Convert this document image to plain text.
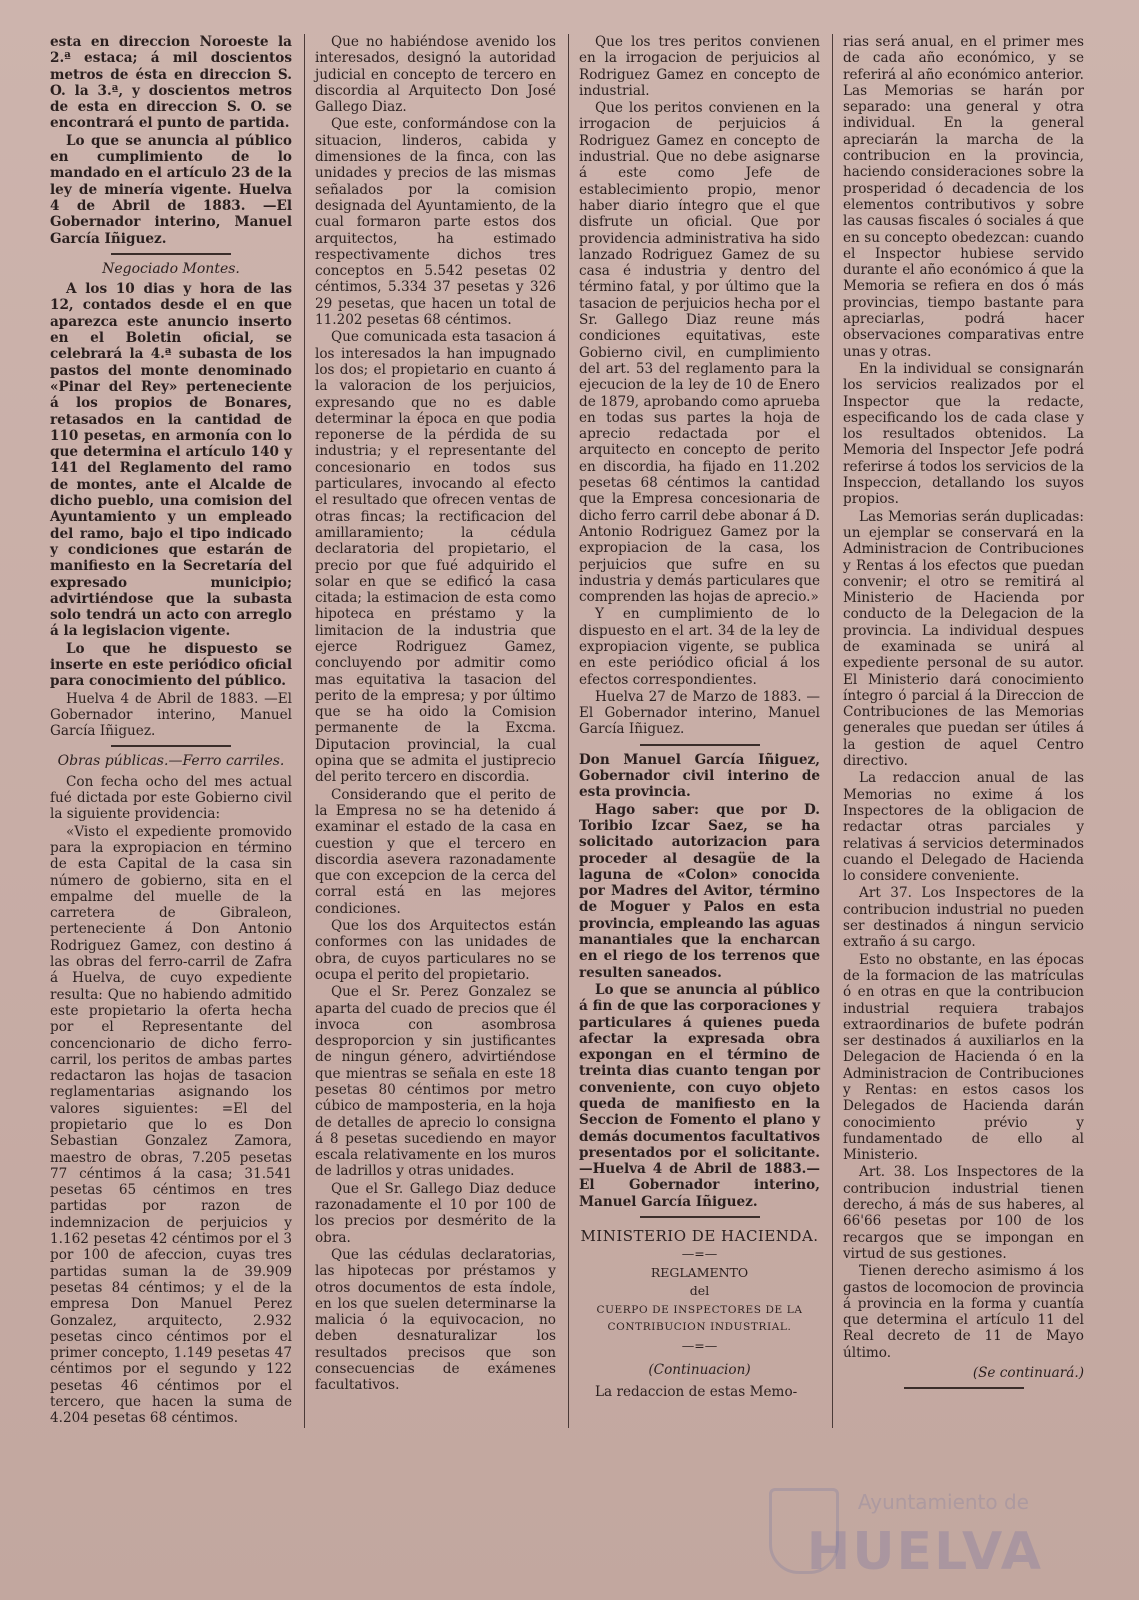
esta en direccion Noroeste la 2.ª estaca; á mil doscientos metros de ésta en direccion S. O. la 3.ª, y doscientos metros de esta en direccion S. O. se encontrará el punto de partida.

Lo que se anuncia al público en cumplimiento de lo mandado en el artículo 23 de la ley de minería vigente. Huelva 4 de Abril de 1883. —El Gobernador interino, Manuel García Iñiguez.

Negociado Montes.

A los 10 dias y hora de las 12, contados desde el en que aparezca este anuncio inserto en el Boletin oficial, se celebrará la 4.ª subasta de los pastos del monte denominado «Pinar del Rey» perteneciente á los propios de Bonares, retasados en la cantidad de 110 pesetas, en armonía con lo que determina el artículo 140 y 141 del Reglamento del ramo de montes, ante el Alcalde de dicho pueblo, una comision del Ayuntamiento y un empleado del ramo, bajo el tipo indicado y condiciones que estarán de manifiesto en la Secretaría del expresado municipio; advirtiéndose que la subasta solo tendrá un acto con arreglo á la legislacion vigente.

Lo que he dispuesto se inserte en este periódico oficial para conocimiento del público.

Huelva 4 de Abril de 1883. —El Gobernador interino, Manuel García Iñiguez.

Obras públicas.—Ferro carriles.

Con fecha ocho del mes actual fué dictada por este Gobierno civil la siguiente providencia:

«Visto el expediente promovido para la expropiacion en término de esta Capital de la casa sin número de gobierno, sita en el empalme del muelle de la carretera de Gibraleon, perteneciente á Don Antonio Rodriguez Gamez, con destino á las obras del ferro-carril de Zafra á Huelva, de cuyo expediente resulta: Que no habiendo admitido este propietario la oferta hecha por el Representante del concencionario de dicho ferro-carril, los peritos de ambas partes redactaron las hojas de tasacion reglamentarias asignando los valores siguientes: =El del propietario que lo es Don Sebastian Gonzalez Zamora, maestro de obras, 7.205 pesetas 77 céntimos á la casa; 31.541 pesetas 65 céntimos en tres partidas por razon de indemnizacion de perjuicios y 1.162 pesetas 42 céntimos por el 3 por 100 de afeccion, cuyas tres partidas suman la de 39.909 pesetas 84 céntimos; y el de la empresa Don Manuel Perez Gonzalez, arquitecto, 2.932 pesetas cinco céntimos por el primer concepto, 1.149 pesetas 47 céntimos por el segundo y 122 pesetas 46 céntimos por el tercero, que hacen la suma de 4.204 pesetas 68 céntimos.

Que no habiéndose avenido los interesados, designó la autoridad judicial en concepto de tercero en discordia al Arquitecto Don José Gallego Diaz.

Que este, conformándose con la situacion, linderos, cabida y dimensiones de la finca, con las unidades y precios de las mismas señalados por la comision designada del Ayuntamiento, de la cual formaron parte estos dos arquitectos, ha estimado respectivamente dichos tres conceptos en 5.542 pesetas 02 céntimos, 5.334 37 pesetas y 326 29 pesetas, que hacen un total de 11.202 pesetas 68 céntimos.

Que comunicada esta tasacion á los interesados la han impugnado los dos; el propietario en cuanto á la valoracion de los perjuicios, expresando que no es dable determinar la época en que podia reponerse de la pérdida de su industria; y el representante del concesionario en todos sus particulares, invocando al efecto el resultado que ofrecen ventas de otras fincas; la rectificacion del amillaramiento; la cédula declaratoria del propietario, el precio por que fué adquirido el solar en que se edificó la casa citada; la estimacion de esta como hipoteca en préstamo y la limitacion de la industria que ejerce Rodriguez Gamez, concluyendo por admitir como mas equitativa la tasacion del perito de la empresa; y por último que se ha oido la Comision permanente de la Excma. Diputacion provincial, la cual opina que se admita el justiprecio del perito tercero en discordia.

Considerando que el perito de la Empresa no se ha detenido á examinar el estado de la casa en cuestion y que el tercero en discordia asevera razonadamente que con excepcion de la cerca del corral está en las mejores condiciones.

Que los dos Arquitectos están conformes con las unidades de obra, de cuyos particulares no se ocupa el perito del propietario.

Que el Sr. Perez Gonzalez se aparta del cuado de precios que él invoca con asombrosa desproporcion y sin justificantes de ningun género, advirtiéndose que mientras se señala en este 18 pesetas 80 céntimos por metro cúbico de mamposteria, en la hoja de detalles de aprecio lo consigna á 8 pesetas sucediendo en mayor escala relativamente en los muros de ladrillos y otras unidades.

Que el Sr. Gallego Diaz deduce razonadamente el 10 por 100 de los precios por desmérito de la obra.

Que las cédulas declaratorias, las hipotecas por préstamos y otros documentos de esta índole, en los que suelen determinarse la malicia ó la equivocacion, no deben desnaturalizar los resultados precisos que son consecuencias de exámenes facultativos.

Que los tres peritos convienen en la irrogacion de perjuicios al Rodriguez Gamez en concepto de industrial.

Que los peritos convienen en la irrogacion de perjuicios á Rodriguez Gamez en concepto de industrial. Que no debe asignarse á este como Jefe de establecimiento propio, menor haber diario íntegro que el que disfrute un oficial. Que por providencia administrativa ha sido lanzado Rodriguez Gamez de su casa é industria y dentro del término fatal, y por último que la tasacion de perjuicios hecha por el Sr. Gallego Diaz reune más condiciones equitativas, este Gobierno civil, en cumplimiento del art. 53 del reglamento para la ejecucion de la ley de 10 de Enero de 1879, aprobando como aprueba en todas sus partes la hoja de aprecio redactada por el arquitecto en concepto de perito en discordia, ha fijado en 11.202 pesetas 68 céntimos la cantidad que la Empresa concesionaria de dicho ferro carril debe abonar á D. Antonio Rodriguez Gamez por la expropiacion de la casa, los perjuicios que sufre en su industria y demás particulares que comprenden las hojas de aprecio.»

Y en cumplimiento de lo dispuesto en el art. 34 de la ley de expropiacion vigente, se publica en este periódico oficial á los efectos correspondientes.

Huelva 27 de Marzo de 1883. —El Gobernador interino, Manuel García Iñiguez.

Don Manuel García Iñiguez, Gobernador civil interino de esta provincia.

Hago saber: que por D. Toribio Izcar Saez, se ha solicitado autorizacion para proceder al desagüe de la laguna de «Colon» conocida por Madres del Avitor, término de Moguer y Palos en esta provincia, empleando las aguas manantiales que la encharcan en el riego de los terrenos que resulten saneados.

Lo que se anuncia al público á fin de que las corporaciones y particulares á quienes pueda afectar la expresada obra expongan en el término de treinta dias cuanto tengan por conveniente, con cuyo objeto queda de manifiesto en la Seccion de Fomento el plano y demás documentos facultativos presentados por el solicitante.—Huelva 4 de Abril de 1883.—El Gobernador interino, Manuel García Iñiguez.

MINISTERIO DE HACIENDA.
—=—
REGLAMENTO
del
CUERPO DE INSPECTORES DE LA CONTRIBUCION INDUSTRIAL.
—=—
(Continuacion)

La redaccion de estas Memo-

rias será anual, en el primer mes de cada año económico, y se referirá al año económico anterior. Las Memorias se harán por separado: una general y otra individual. En la general apreciarán la marcha de la contribucion en la provincia, haciendo consideraciones sobre la prosperidad ó decadencia de los elementos contributivos y sobre las causas fiscales ó sociales á que en su concepto obedezcan: cuando el Inspector hubiese servido durante el año económico á que la Memoria se refiera en dos ó más provincias, tiempo bastante para apreciarlas, podrá hacer observaciones comparativas entre unas y otras.

En la individual se consignarán los servicios realizados por el Inspector que la redacte, especificando los de cada clase y los resultados obtenidos. La Memoria del Inspector Jefe podrá referirse á todos los servicios de la Inspeccion, detallando los suyos propios.

Las Memorias serán duplicadas: un ejemplar se conservará en la Administracion de Contribuciones y Rentas á los efectos que puedan convenir; el otro se remitirá al Ministerio de Hacienda por conducto de la Delegacion de la provincia. La individual despues de examinada se unirá al expediente personal de su autor. El Ministerio dará conocimiento íntegro ó parcial á la Direccion de Contribuciones de las Memorias generales que puedan ser útiles á la gestion de aquel Centro directivo.

La redaccion anual de las Memorias no exime á los Inspectores de la obligacion de redactar otras parciales y relativas á servicios determinados cuando el Delegado de Hacienda lo considere conveniente.

Art 37. Los Inspectores de la contribucion industrial no pueden ser destinados á ningun servicio extraño á su cargo.

Esto no obstante, en las épocas de la formacion de las matrículas ó en otras en que la contribucion industrial requiera trabajos extraordinarios de bufete podrán ser destinados á auxiliarlos en la Delegacion de Hacienda ó en la Administracion de Contribuciones y Rentas: en estos casos los Delegados de Hacienda darán conocimiento prévio y fundamentado de ello al Ministerio.

Art. 38. Los Inspectores de la contribucion industrial tienen derecho, á más de sus haberes, al 66'66 pesetas por 100 de los recargos que se impongan en virtud de sus gestiones.

Tienen derecho asimismo á los gastos de locomocion de provincia á provincia en la forma y cuantía que determina el artículo 11 del Real decreto de 11 de Mayo último.

(Se continuará.)
Ayuntamiento de
HUELVA
